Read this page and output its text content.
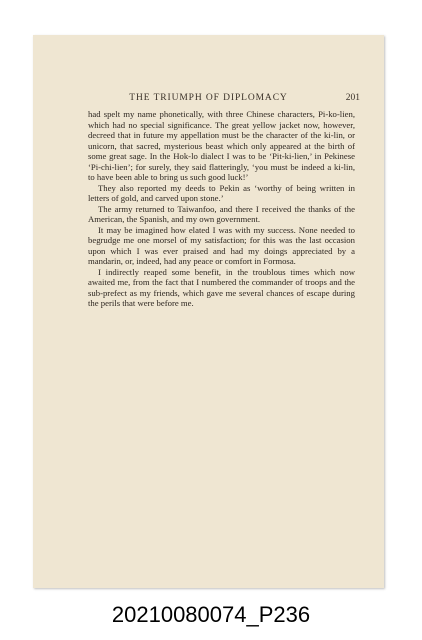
THE TRIUMPH OF DIPLOMACY	201

had spelt my name phonetically, with three Chinese characters, Pi-ko-lien, which had no special significance. The great yellow jacket now, however, decreed that in future my appellation must be the character of the ki-lin, or unicorn, that sacred, mysterious beast which only appeared at the birth of some great sage. In the Hok-lo dialect I was to be ‘Pit-ki-lien,’ in Pekinese ‘Pi-chi-lien’; for surely, they said flatteringly, ‘you must be indeed a ki-lin, to have been able to bring us such good luck!’

They also reported my deeds to Pekin as ‘worthy of being written in letters of gold, and carved upon stone.’

The army returned to Taiwanfoo, and there I received the thanks of the American, the Spanish, and my own government.

It may be imagined how elated I was with my success. None needed to begrudge me one morsel of my satisfaction; for this was the last occasion upon which I was ever praised and had my doings appreciated by a mandarin, or, indeed, had any peace or comfort in Formosa.

I indirectly reaped some benefit, in the troublous times which now awaited me, from the fact that I numbered the commander of troops and the sub-prefect as my friends, which gave me several chances of escape during the perils that were before me.

20210080074_P236
